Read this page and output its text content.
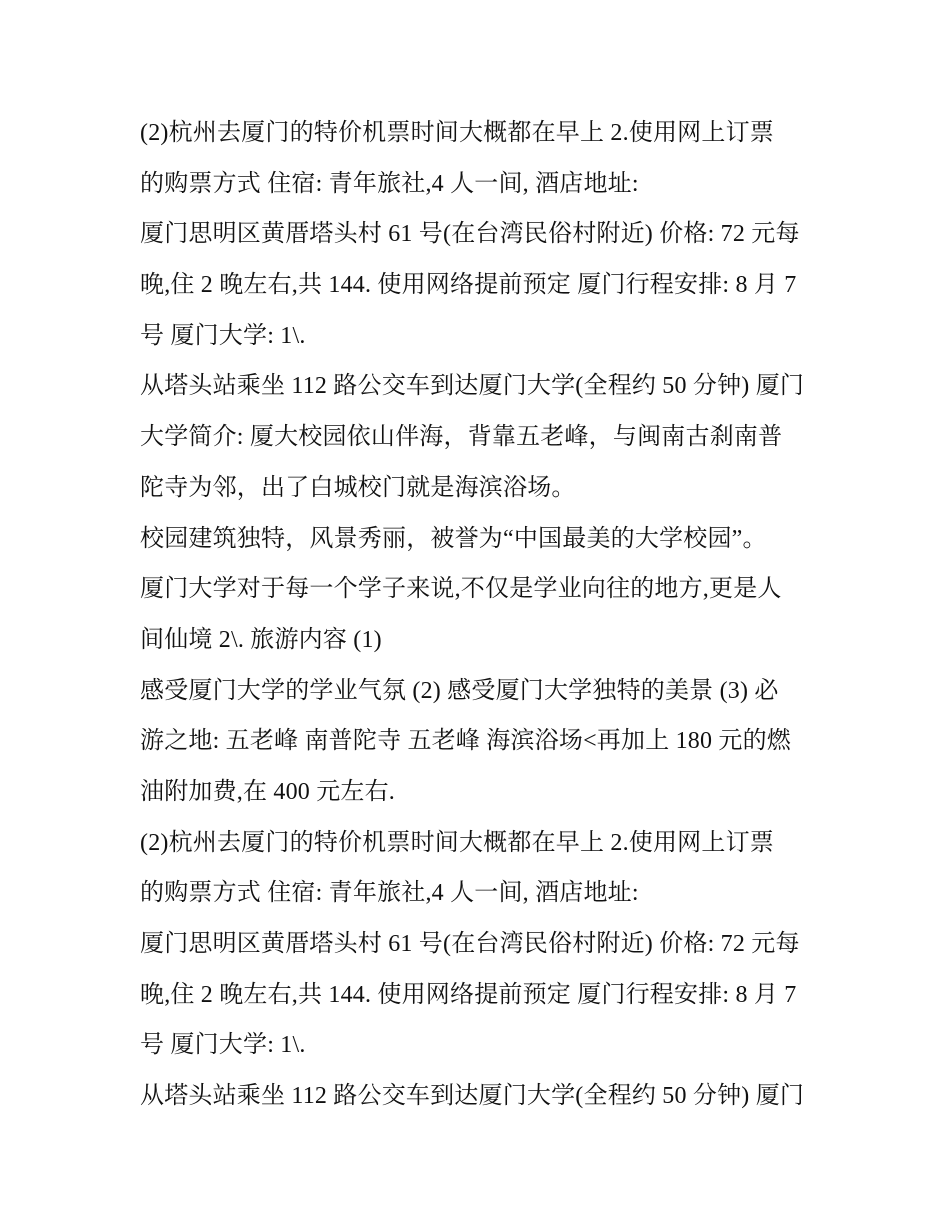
(2)杭州去厦门的特价机票时间大概都在早上 2.使用网上订票
的购票方式 住宿: 青年旅社,4 人一间, 酒店地址:
厦门思明区黄厝塔头村 61 号(在台湾民俗村附近) 价格: 72 元每
晚,住 2 晚左右,共 144. 使用网络提前预定 厦门行程安排: 8 月 7
号 厦门大学: 1\.
从塔头站乘坐 112 路公交车到达厦门大学(全程约 50 分钟) 厦门
大学简介: 厦大校园依山伴海，背靠五老峰，与闽南古刹南普
陀寺为邻，出了白城校门就是海滨浴场。
校园建筑独特，风景秀丽，被誉为“中国最美的大学校园”。
厦门大学对于每一个学子来说,不仅是学业向往的地方,更是人
间仙境 2\. 旅游内容 (1)
感受厦门大学的学业气氛 (2) 感受厦门大学独特的美景 (3) 必
游之地: 五老峰 南普陀寺 五老峰 海滨浴场<再加上 180 元的燃
油附加费,在 400 元左右.
(2)杭州去厦门的特价机票时间大概都在早上 2.使用网上订票
的购票方式 住宿: 青年旅社,4 人一间, 酒店地址:
厦门思明区黄厝塔头村 61 号(在台湾民俗村附近) 价格: 72 元每
晚,住 2 晚左右,共 144. 使用网络提前预定 厦门行程安排: 8 月 7
号 厦门大学: 1\.
从塔头站乘坐 112 路公交车到达厦门大学(全程约 50 分钟) 厦门
